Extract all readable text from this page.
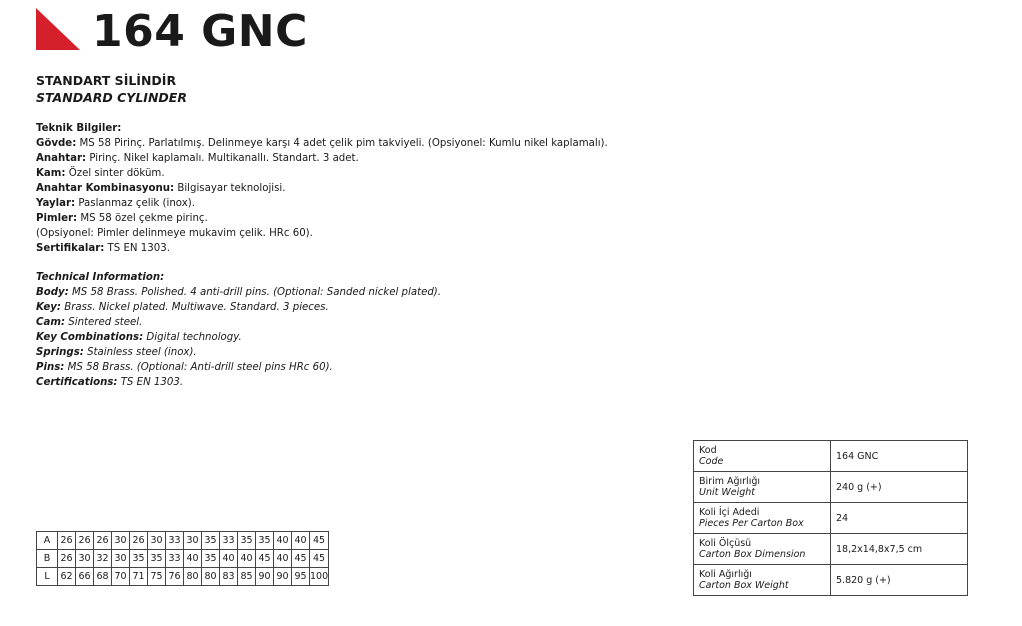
164 GNC
STANDART SİLİNDİR
STANDARD CYLINDER
Teknik Bilgiler:
Gövde: MS 58 Pirinç. Parlatılmış. Delinmeye karşı 4 adet çelik pim takviyeli. (Opsiyonel: Kumlu nikel kaplamalı).
Anahtar: Pirinç. Nikel kaplamalı. Multikanallı. Standart. 3 adet.
Kam: Özel sinter döküm.
Anahtar Kombinasyonu: Bilgisayar teknolojisi.
Yaylar: Paslanmaz çelik (inox).
Pimler: MS 58 özel çekme pirinç.
(Opsiyonel: Pimler delinmeye mukavim çelik. HRc 60).
Sertifikalar: TS EN 1303.
Technical Information:
Body: MS 58 Brass. Polished. 4 anti-drill pins. (Optional: Sanded nickel plated).
Key: Brass. Nickel plated. Multiwave. Standard. 3 pieces.
Cam: Sintered steel.
Key Combinations: Digital technology.
Springs: Stainless steel (inox).
Pins: MS 58 Brass. (Optional: Anti-drill steel pins HRc 60).
Certifications: TS EN 1303.
A	26	26	26	30	26	30	33	30	35	33	35	35	40	40	45
B	26	30	32	30	35	35	33	40	35	40	40	45	40	45	45
L	62	66	68	70	71	75	76	80	80	83	85	90	90	95	100
Kod
Code	164 GNC
Birim Ağırlığı
Unit Weight	240 g (+)
Koli İçi Adedi
Pieces Per Carton Box	24
Koli Ölçüsü
Carton Box Dimension	18,2x14,8x7,5 cm
Koli Ağırlığı
Carton Box Weight	5.820 g (+)
